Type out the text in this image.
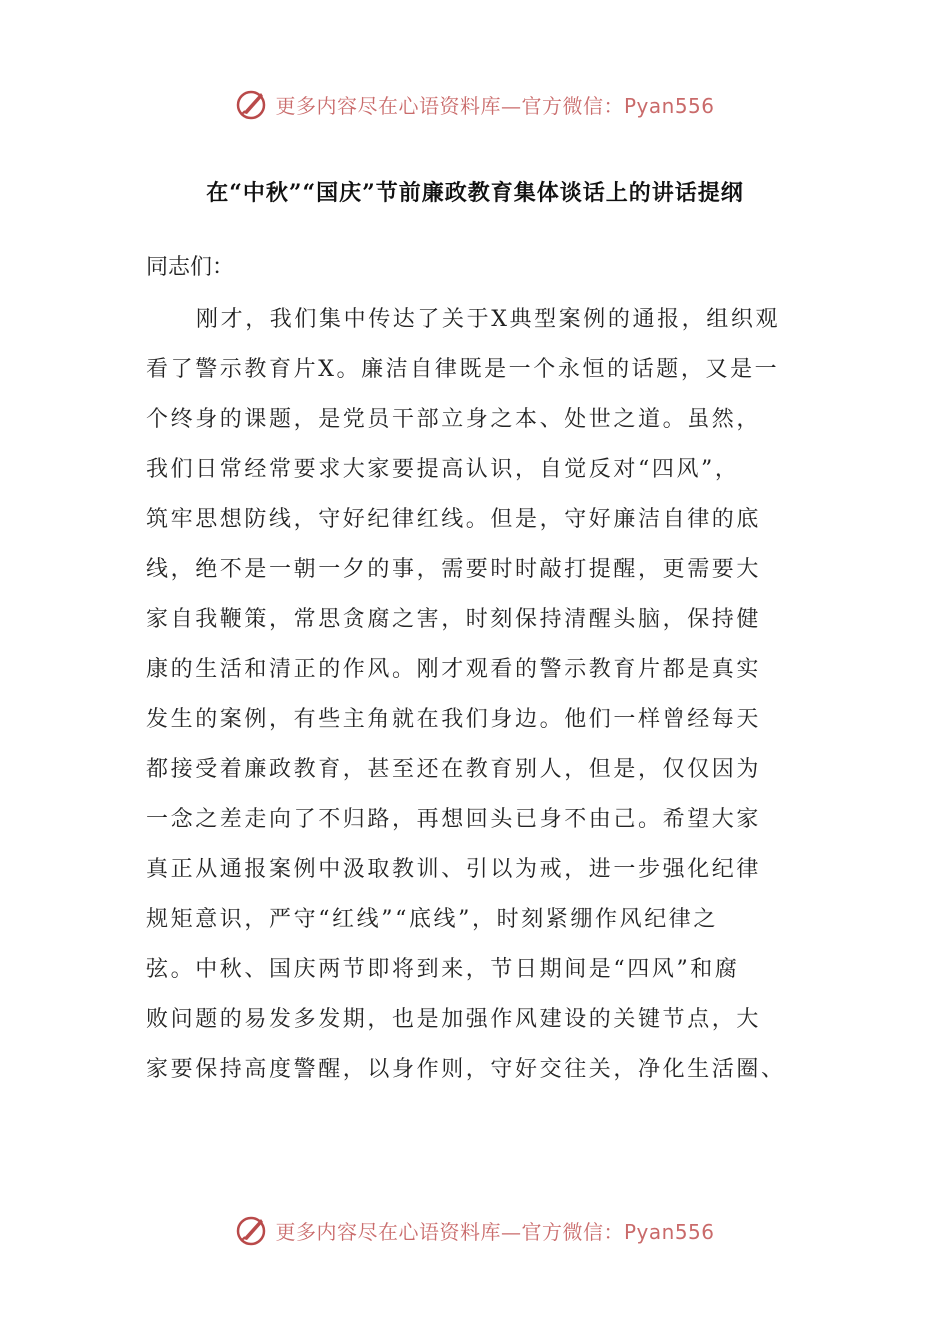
更多内容尽在心语资料库—官方微信：Pyan556
在“中秋”“国庆”节前廉政教育集体谈话上的讲话提纲
同志们：
刚才，我们集中传达了关于X典型案例的通报，组织观
看了警示教育片X。廉洁自律既是一个永恒的话题，又是一
个终身的课题，是党员干部立身之本、处世之道。虽然，
我们日常经常要求大家要提高认识，自觉反对“四风”，
筑牢思想防线，守好纪律红线。但是，守好廉洁自律的底
线，绝不是一朝一夕的事，需要时时敲打提醒，更需要大
家自我鞭策，常思贪腐之害，时刻保持清醒头脑，保持健
康的生活和清正的作风。刚才观看的警示教育片都是真实
发生的案例，有些主角就在我们身边。他们一样曾经每天
都接受着廉政教育，甚至还在教育别人，但是，仅仅因为
一念之差走向了不归路，再想回头已身不由己。希望大家
真正从通报案例中汲取教训、引以为戒，进一步强化纪律
规矩意识，严守“红线”“底线”，时刻紧绷作风纪律之
弦。中秋、国庆两节即将到来，节日期间是“四风”和腐
败问题的易发多发期，也是加强作风建设的关键节点，大
家要保持高度警醒，以身作则，守好交往关，净化生活圈、
更多内容尽在心语资料库—官方微信：Pyan556
